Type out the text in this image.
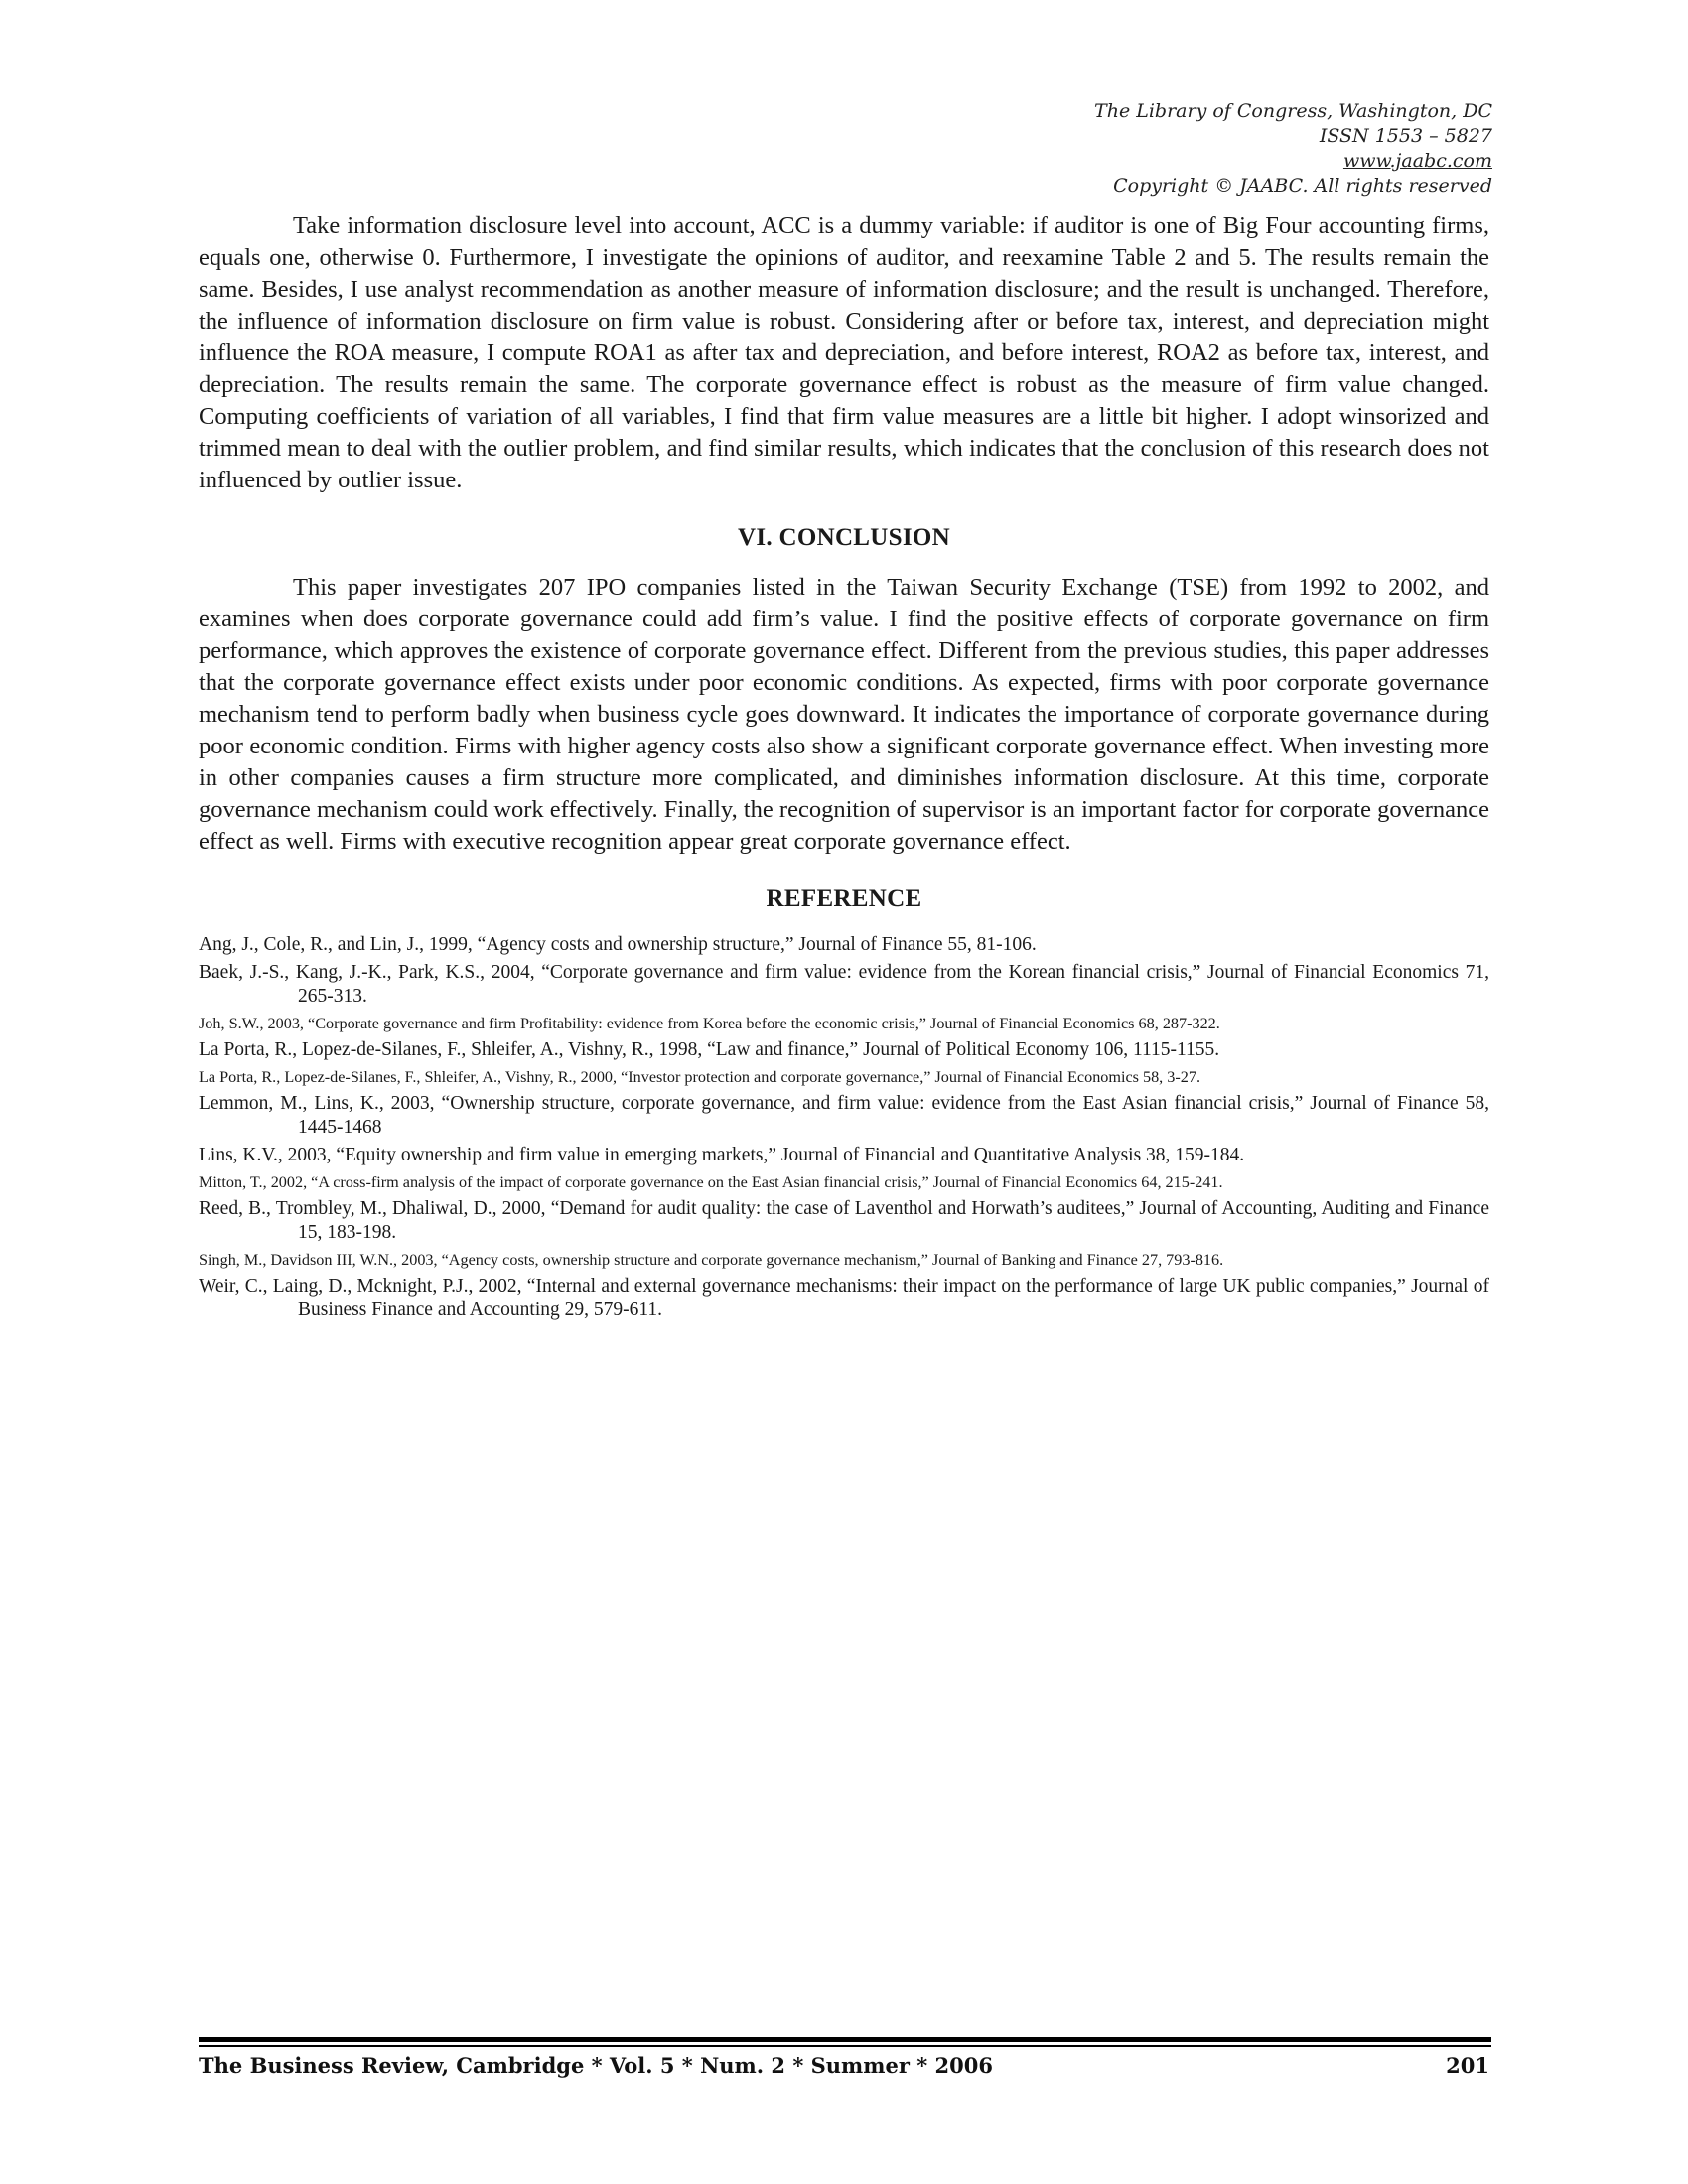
The Library of Congress, Washington, DC
ISSN 1553 – 5827
www.jaabc.com
Copyright © JAABC. All rights reserved

Take information disclosure level into account, ACC is a dummy variable: if auditor is one of Big Four accounting firms, equals one, otherwise 0. Furthermore, I investigate the opinions of auditor, and reexamine Table 2 and 5. The results remain the same. Besides, I use analyst recommendation as another measure of information disclosure; and the result is unchanged. Therefore, the influence of information disclosure on firm value is robust. Considering after or before tax, interest, and depreciation might influence the ROA measure, I compute ROA1 as after tax and depreciation, and before interest, ROA2 as before tax, interest, and depreciation. The results remain the same. The corporate governance effect is robust as the measure of firm value changed. Computing coefficients of variation of all variables, I find that firm value measures are a little bit higher. I adopt winsorized and trimmed mean to deal with the outlier problem, and find similar results, which indicates that the conclusion of this research does not influenced by outlier issue.

VI. CONCLUSION

This paper investigates 207 IPO companies listed in the Taiwan Security Exchange (TSE) from 1992 to 2002, and examines when does corporate governance could add firm’s value. I find the positive effects of corporate governance on firm performance, which approves the existence of corporate governance effect. Different from the previous studies, this paper addresses that the corporate governance effect exists under poor economic conditions. As expected, firms with poor corporate governance mechanism tend to perform badly when business cycle goes downward. It indicates the importance of corporate governance during poor economic condition. Firms with higher agency costs also show a significant corporate governance effect. When investing more in other companies causes a firm structure more complicated, and diminishes information disclosure. At this time, corporate governance mechanism could work effectively. Finally, the recognition of supervisor is an important factor for corporate governance effect as well. Firms with executive recognition appear great corporate governance effect.

REFERENCE
Ang, J., Cole, R., and Lin, J., 1999, “Agency costs and ownership structure,” Journal of Finance 55, 81-106.
Baek, J.-S., Kang, J.-K., Park, K.S., 2004, “Corporate governance and firm value: evidence from the Korean financial crisis,” Journal of Financial Economics 71, 265-313.
Joh, S.W., 2003, “Corporate governance and firm Profitability: evidence from Korea before the economic crisis,” Journal of Financial Economics 68, 287-322.
La Porta, R., Lopez-de-Silanes, F., Shleifer, A., Vishny, R., 1998, “Law and finance,” Journal of Political Economy 106, 1115-1155.
La Porta, R., Lopez-de-Silanes, F., Shleifer, A., Vishny, R., 2000, “Investor protection and corporate governance,” Journal of Financial Economics 58, 3-27.
Lemmon, M., Lins, K., 2003, “Ownership structure, corporate governance, and firm value: evidence from the East Asian financial crisis,” Journal of Finance 58, 1445-1468
Lins, K.V., 2003, “Equity ownership and firm value in emerging markets,” Journal of Financial and Quantitative Analysis 38, 159-184.
Mitton, T., 2002, “A cross-firm analysis of the impact of corporate governance on the East Asian financial crisis,” Journal of Financial Economics 64, 215-241.
Reed, B., Trombley, M., Dhaliwal, D., 2000, “Demand for audit quality: the case of Laventhol and Horwath’s auditees,” Journal of Accounting, Auditing and Finance 15, 183-198.
Singh, M., Davidson III, W.N., 2003, “Agency costs, ownership structure and corporate governance mechanism,” Journal of Banking and Finance 27, 793-816.
Weir, C., Laing, D., Mcknight, P.J., 2002, “Internal and external governance mechanisms: their impact on the performance of large UK public companies,” Journal of Business Finance and Accounting 29, 579-611.
The Business Review, Cambridge * Vol. 5 * Num. 2 * Summer * 2006	201
